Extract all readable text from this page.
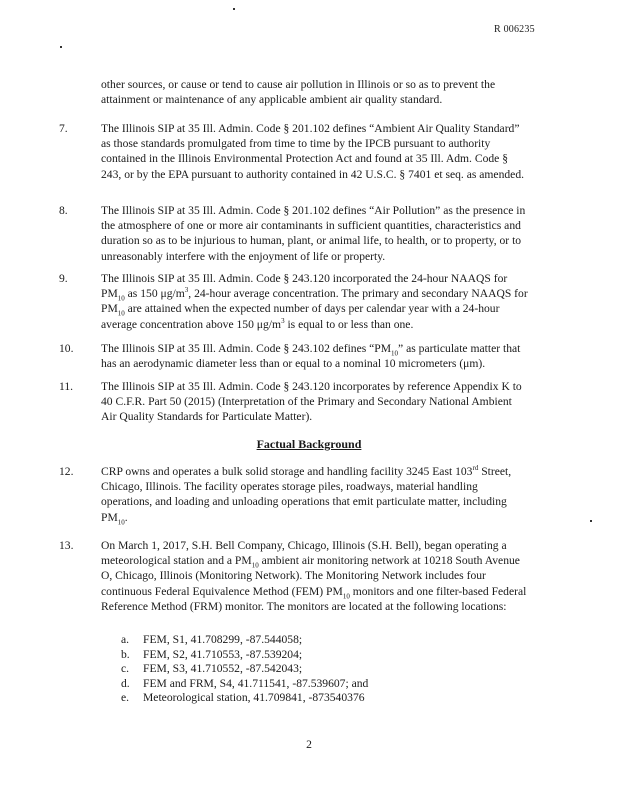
R 006235

other sources, or cause or tend to cause air pollution in Illinois or so as to prevent the attainment or maintenance of any applicable ambient air quality standard.

7.	The Illinois SIP at 35 Ill. Admin. Code § 201.102 defines “Ambient Air Quality Standard” as those standards promulgated from time to time by the IPCB pursuant to authority contained in the Illinois Environmental Protection Act and found at 35 Ill. Adm. Code § 243, or by the EPA pursuant to authority contained in 42 U.S.C. § 7401 et seq. as amended.
8.	The Illinois SIP at 35 Ill. Admin. Code § 201.102 defines “Air Pollution” as the presence in the atmosphere of one or more air contaminants in sufficient quantities, characteristics and duration so as to be injurious to human, plant, or animal life, to health, or to property, or to unreasonably interfere with the enjoyment of life or property.
9.	The Illinois SIP at 35 Ill. Admin. Code § 243.120 incorporated the 24-hour NAAQS for $PM_{10}$ as 150 $\mu g/m^3$, 24-hour average concentration. The primary and secondary NAAQS for $PM_{10}$ are attained when the expected number of days per calendar year with a 24-hour average concentration above 150 $\mu g/m^3$ is equal to or less than one.
10.	The Illinois SIP at 35 Ill. Admin. Code § 243.102 defines “$PM_{10}$” as particulate matter that has an aerodynamic diameter less than or equal to a nominal 10 micrometers (μm).
11.	The Illinois SIP at 35 Ill. Admin. Code § 243.120 incorporates by reference Appendix K to 40 C.F.R. Part 50 (2015) (Interpretation of the Primary and Secondary National Ambient Air Quality Standards for Particulate Matter).
Factual Background
12.	CRP owns and operates a bulk solid storage and handling facility 3245 East 103rd Street, Chicago, Illinois. The facility operates storage piles, roadways, material handling operations, and loading and unloading operations that emit particulate matter, including $PM_{10}$.
13.	On March 1, 2017, S.H. Bell Company, Chicago, Illinois (S.H. Bell), began operating a meteorological station and a $PM_{10}$ ambient air monitoring network at 10218 South Avenue O, Chicago, Illinois (Monitoring Network). The Monitoring Network includes four continuous Federal Equivalence Method (FEM) $PM_{10}$ monitors and one filter-based Federal Reference Method (FRM) monitor. The monitors are located at the following locations:
a. FEM, S1, 41.708299, -87.544058;
b. FEM, S2, 41.710553, -87.539204;
c. FEM, S3, 41.710552, -87.542043;
d. FEM and FRM, S4, 41.711541, -87.539607; and
e. Meteorological station, 41.709841, -873540376
2
